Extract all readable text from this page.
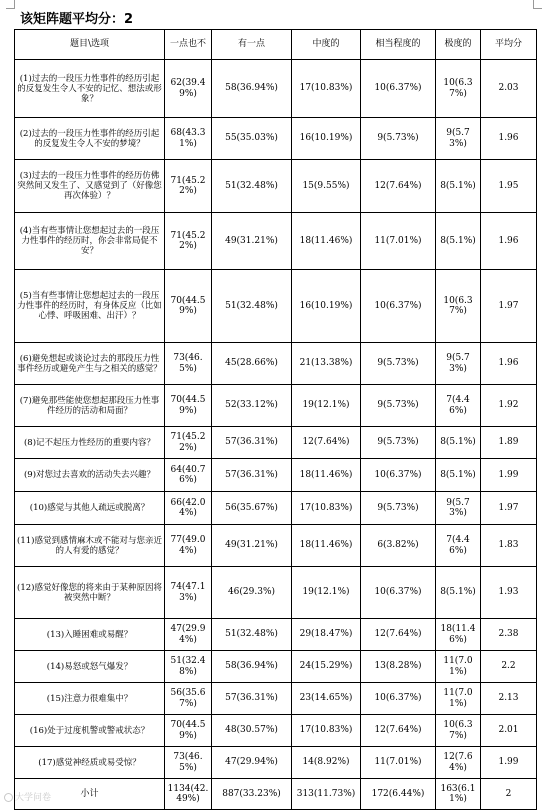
该矩阵题平均分：2
题目\选项	一点也不	有一点	中度的	相当程度的	极度的	平均分
(1)过去的一段压力性事件的经历引起的反复发生令人不安的记忆、想法或形象？	62(39.49%)	58(36.94%)	17(10.83%)	10(6.37%)	10(6.37%)	2.03
(2)过去的一段压力性事件的经历引起的反复发生令人不安的梦境？	68(43.31%)	55(35.03%)	16(10.19%)	9(5.73%)	9(5.73%)	1.96
(3)过去的一段压力性事件的经历仿佛突然间又发生了、又感觉到了（好像您再次体验）？	71(45.22%)	51(32.48%)	15(9.55%)	12(7.64%)	8(5.1%)	1.95
(4)当有些事情让您想起过去的一段压力性事件的经历时，你会非常局促不安？	71(45.22%)	49(31.21%)	18(11.46%)	11(7.01%)	8(5.1%)	1.96
(5)当有些事情让您想起过去的一段压力性事件的经历时，有身体反应（比如心悸、呼吸困难、出汗）？	70(44.59%)	51(32.48%)	16(10.19%)	10(6.37%)	10(6.37%)	1.97
(6)避免想起或谈论过去的那段压力性事件经历或避免产生与之相关的感觉？	73(46.5%)	45(28.66%)	21(13.38%)	9(5.73%)	9(5.73%)	1.96
(7)避免那些能使您想起那段压力性事件经历的活动和局面？	70(44.59%)	52(33.12%)	19(12.1%)	9(5.73%)	7(4.46%)	1.92
(8)记不起压力性经历的重要内容？	71(45.22%)	57(36.31%)	12(7.64%)	9(5.73%)	8(5.1%)	1.89
(9)对您过去喜欢的活动失去兴趣？	64(40.76%)	57(36.31%)	18(11.46%)	10(6.37%)	8(5.1%)	1.99
(10)感觉与其他人疏远或脱离？	66(42.04%)	56(35.67%)	17(10.83%)	9(5.73%)	9(5.73%)	1.97
(11)感觉到感情麻木或不能对与您亲近的人有爱的感觉？	77(49.04%)	49(31.21%)	18(11.46%)	6(3.82%)	7(4.46%)	1.83
(12)感觉好像您的将来由于某种原因将被突然中断？	74(47.13%)	46(29.3%)	19(12.1%)	10(6.37%)	8(5.1%)	1.93
(13)入睡困难或易醒？	47(29.94%)	51(32.48%)	29(18.47%)	12(7.64%)	18(11.46%)	2.38
(14)易怒或怒气爆发？	51(32.48%)	58(36.94%)	24(15.29%)	13(8.28%)	11(7.01%)	2.2
(15)注意力很难集中？	56(35.67%)	57(36.31%)	23(14.65%)	10(6.37%)	11(7.01%)	2.13
(16)处于过度机警或警戒状态？	70(44.59%)	48(30.57%)	17(10.83%)	12(7.64%)	10(6.37%)	2.01
(17)感觉神经质或易受惊？	73(46.5%)	47(29.94%)	14(8.92%)	11(7.01%)	12(7.64%)	1.99
小计	1134(42.49%)	887(33.23%)	313(11.73%)	172(6.44%)	163(6.11%)	2
大学问卷
